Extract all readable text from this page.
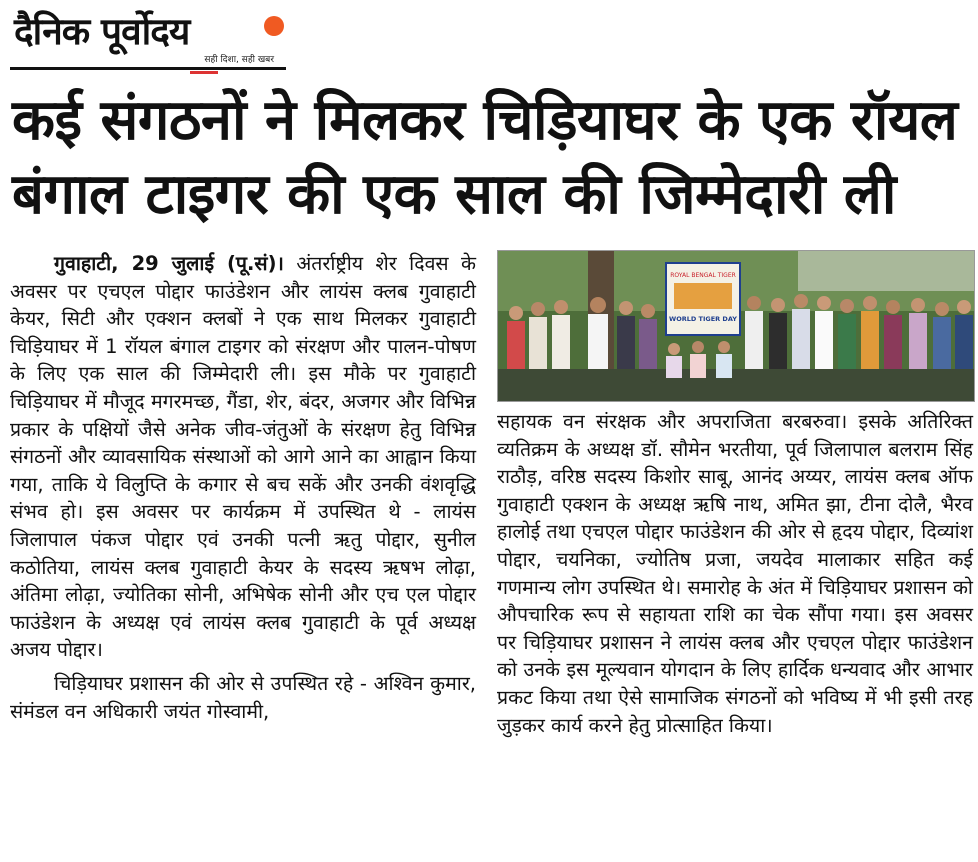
दैनिक पूर्वोदय
सही दिशा, सही खबर
कई संगठनों ने मिलकर चिड़ियाघर के एक रॉयल
बंगाल टाइगर की एक साल की जिम्मेदारी ली

गुवाहाटी, 29 जुलाई (पू.सं)। अंतर्राष्ट्रीय शेर दिवस के अवसर पर एचएल पोद्दार फाउंडेशन और लायंस क्लब गुवाहाटी केयर, सिटी और एक्शन क्लबों ने एक साथ मिलकर गुवाहाटी चिड़ियाघर में 1 रॉयल बंगाल टाइगर को संरक्षण और पालन-पोषण के लिए एक साल की जिम्मेदारी ली। इस मौके पर गुवाहाटी चिड़ियाघर में मौजूद मगरमच्छ, गैंडा, शेर, बंदर, अजगर और विभिन्न प्रकार के पक्षियों जैसे अनेक जीव-जंतुओं के संरक्षण हेतु विभिन्न संगठनों और व्यावसायिक संस्थाओं को आगे आने का आह्वान किया गया, ताकि ये विलुप्ति के कगार से बच सकें और उनकी वंशवृद्धि संभव हो। इस अवसर पर कार्यक्रम में उपस्थित थे - लायंस जिलापाल पंकज पोद्दार एवं उनकी पत्नी ऋतु पोद्दार, सुनील कठोतिया, लायंस क्लब गुवाहाटी केयर के सदस्य ऋषभ लोढ़ा, अंतिमा लोढ़ा, ज्योतिका सोनी, अभिषेक सोनी और एच एल पोद्दार फाउंडेशन के अध्यक्ष एवं लायंस क्लब गुवाहाटी के पूर्व अध्यक्ष अजय पोद्दार।

चिड़ियाघर प्रशासन की ओर से उपस्थित रहे - अश्विन कुमार, संमंडल वन अधिकारी जयंत गोस्वामी,

ROYAL BENGAL TIGER
WORLD TIGER DAY

सहायक वन संरक्षक और अपराजिता बरबरुवा। इसके अतिरिक्त व्यतिक्रम के अध्यक्ष डॉ. सौमेन भरतीया, पूर्व जिलापाल बलराम सिंह राठौड़, वरिष्ठ सदस्य किशोर साबू, आनंद अय्यर, लायंस क्लब ऑफ गुवाहाटी एक्शन के अध्यक्ष ऋषि नाथ, अमित झा, टीना दोलै, भैरव हालोई तथा एचएल पोद्दार फाउंडेशन की ओर से हृदय पोद्दार, दिव्यांश पोद्दार, चयनिका, ज्योतिष प्रजा, जयदेव मालाकार सहित कई गणमान्य लोग उपस्थित थे। समारोह के अंत में चिड़ियाघर प्रशासन को औपचारिक रूप से सहायता राशि का चेक सौंपा गया। इस अवसर पर चिड़ियाघर प्रशासन ने लायंस क्लब और एचएल पोद्दार फाउंडेशन को उनके इस मूल्यवान योगदान के लिए हार्दिक धन्यवाद और आभार प्रकट किया तथा ऐसे सामाजिक संगठनों को भविष्य में भी इसी तरह जुड़कर कार्य करने हेतु प्रोत्साहित किया।
